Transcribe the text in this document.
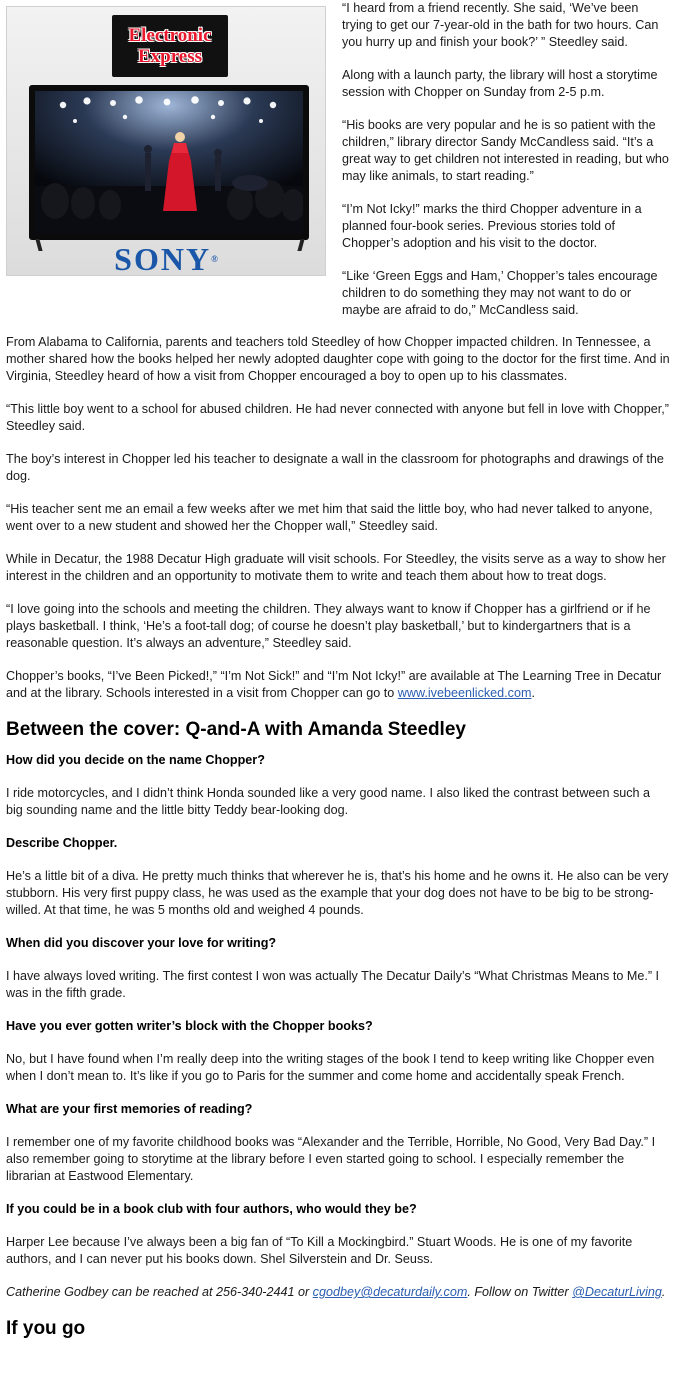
Electronic
Express
SONY®

“I heard from a friend recently. She said, ‘We’ve been trying to get our 7-year-old in the bath for two hours. Can you hurry up and finish your book?’ ” Steedley said.

Along with a launch party, the library will host a storytime session with Chopper on Sunday from 2-5 p.m.

“His books are very popular and he is so patient with the children,” library director Sandy McCandless said. “It’s a great way to get children not interested in reading, but who may like animals, to start reading.”

“I’m Not Icky!” marks the third Chopper adventure in a planned four-book series. Previous stories told of Chopper’s adoption and his visit to the doctor.

“Like ‘Green Eggs and Ham,’ Chopper’s tales encourage children to do something they may not want to do or maybe are afraid to do,” McCandless said.

From Alabama to California, parents and teachers told Steedley of how Chopper impacted children. In Tennessee, a mother shared how the books helped her newly adopted daughter cope with going to the doctor for the first time. And in Virginia, Steedley heard of how a visit from Chopper encouraged a boy to open up to his classmates.

“This little boy went to a school for abused children. He had never connected with anyone but fell in love with Chopper,” Steedley said.

The boy’s interest in Chopper led his teacher to designate a wall in the classroom for photographs and drawings of the dog.

“His teacher sent me an email a few weeks after we met him that said the little boy, who had never talked to anyone, went over to a new student and showed her the Chopper wall,” Steedley said.

While in Decatur, the 1988 Decatur High graduate will visit schools. For Steedley, the visits serve as a way to show her interest in the children and an opportunity to motivate them to write and teach them about how to treat dogs.

“I love going into the schools and meeting the children. They always want to know if Chopper has a girlfriend or if he plays basketball. I think, ‘He’s a foot-tall dog; of course he doesn’t play basketball,’ but to kindergartners that is a reasonable question. It’s always an adventure,” Steedley said.

Chopper’s books, “I’ve Been Picked!,” “I’m Not Sick!” and “I’m Not Icky!” are available at The Learning Tree in Decatur and at the library. Schools interested in a visit from Chopper can go to www.ivebeenlicked.com.

Between the cover: Q-and-A with Amanda Steedley

How did you decide on the name Chopper?

I ride motorcycles, and I didn’t think Honda sounded like a very good name. I also liked the contrast between such a big sounding name and the little bitty Teddy bear-looking dog.

Describe Chopper.

He’s a little bit of a diva. He pretty much thinks that wherever he is, that’s his home and he owns it. He also can be very stubborn. His very first puppy class, he was used as the example that your dog does not have to be big to be strong-willed. At that time, he was 5 months old and weighed 4 pounds.

When did you discover your love for writing?

I have always loved writing. The first contest I won was actually The Decatur Daily’s “What Christmas Means to Me.” I was in the fifth grade.

Have you ever gotten writer’s block with the Chopper books?

No, but I have found when I’m really deep into the writing stages of the book I tend to keep writing like Chopper even when I don’t mean to. It’s like if you go to Paris for the summer and come home and accidentally speak French.

What are your first memories of reading?

I remember one of my favorite childhood books was “Alexander and the Terrible, Horrible, No Good, Very Bad Day.” I also remember going to storytime at the library before I even started going to school. I especially remember the librarian at Eastwood Elementary.

If you could be in a book club with four authors, who would they be?

Harper Lee because I’ve always been a big fan of “To Kill a Mockingbird.” Stuart Woods. He is one of my favorite authors, and I can never put his books down. Shel Silverstein and Dr. Seuss.

Catherine Godbey can be reached at 256-340-2441 or cgodbey@decaturdaily.com. Follow on Twitter @DecaturLiving.

If you go
